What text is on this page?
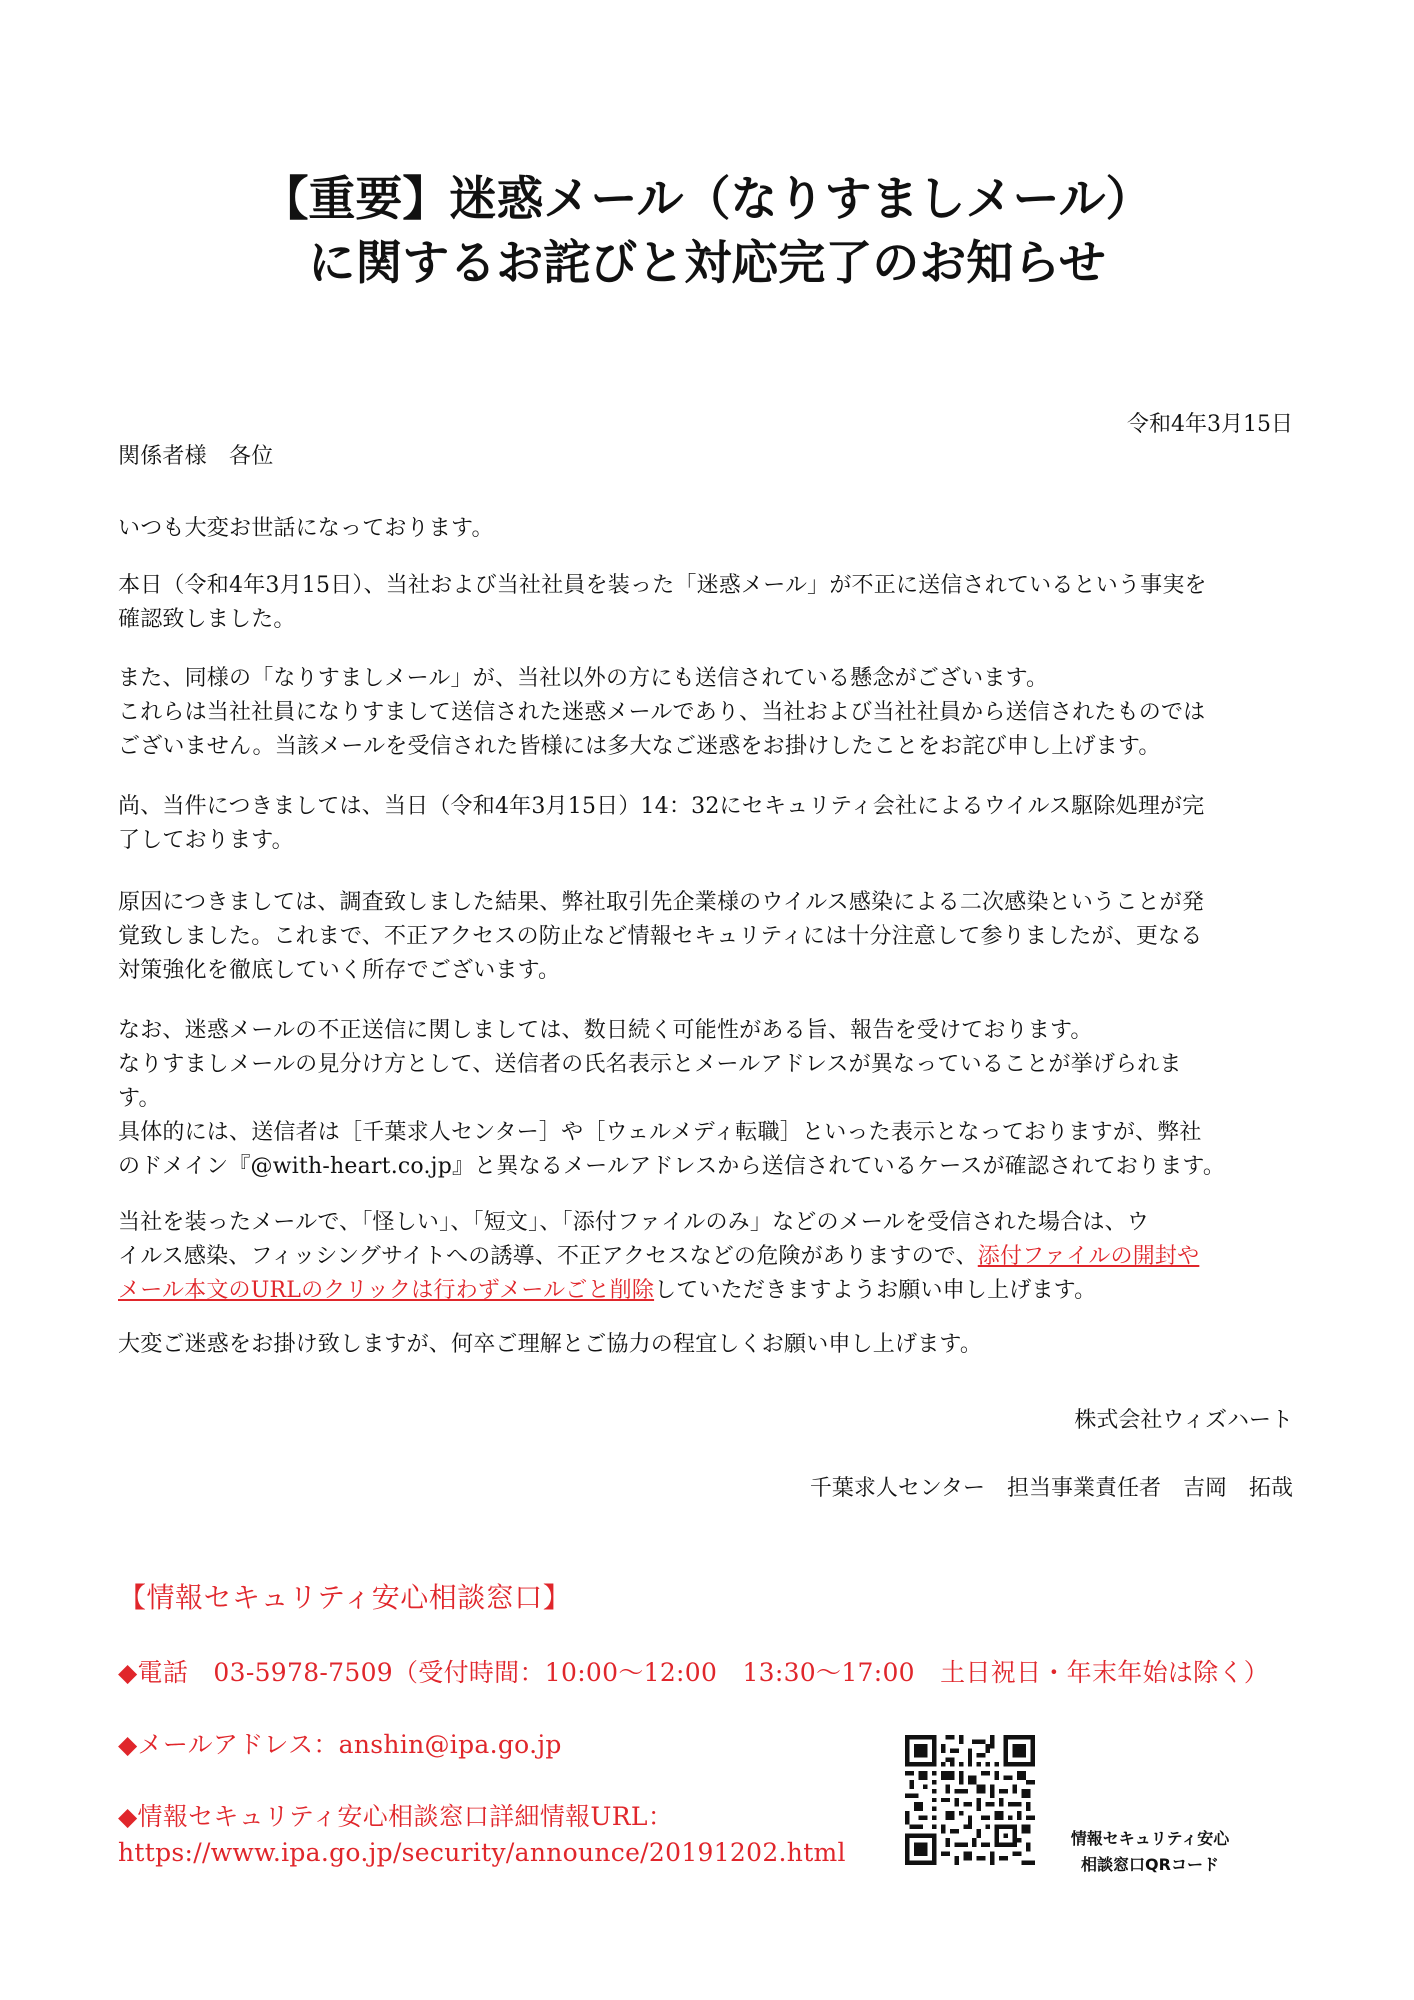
【重要】迷惑メール（なりすましメール）
に関するお詫びと対応完了のお知らせ
令和4年3月15日
関係者様　各位
いつも大変お世話になっております。
本日（令和4年3月15日）、当社および当社社員を装った「迷惑メール」が不正に送信されているという事実を
確認致しました。
また、同様の「なりすましメール」が、当社以外の方にも送信されている懸念がございます。
これらは当社社員になりすまして送信された迷惑メールであり、当社および当社社員から送信されたものでは
ございません。当該メールを受信された皆様には多大なご迷惑をお掛けしたことをお詫び申し上げます。
尚、当件につきましては、当日（令和4年3月15日）14：32にセキュリティ会社によるウイルス駆除処理が完
了しております。
原因につきましては、調査致しました結果、弊社取引先企業様のウイルス感染による二次感染ということが発
覚致しました。これまで、不正アクセスの防止など情報セキュリティには十分注意して参りましたが、更なる
対策強化を徹底していく所存でございます。
なお、迷惑メールの不正送信に関しましては、数日続く可能性がある旨、報告を受けております。
なりすましメールの見分け方として、送信者の氏名表示とメールアドレスが異なっていることが挙げられま
す。
具体的には、送信者は［千葉求人センター］や［ウェルメディ転職］といった表示となっておりますが、弊社
のドメイン『@with-heart.co.jp』と異なるメールアドレスから送信されているケースが確認されております。
当社を装ったメールで、「怪しい」、「短文」、「添付ファイルのみ」などのメールを受信された場合は、ウ
イルス感染、フィッシングサイトへの誘導、不正アクセスなどの危険がありますので、添付ファイルの開封や
メール本文のURLのクリックは行わずメールごと削除していただきますようお願い申し上げます。
大変ご迷惑をお掛け致しますが、何卒ご理解とご協力の程宜しくお願い申し上げます。
株式会社ウィズハート
千葉求人センター　担当事業責任者　吉岡　拓哉
【情報セキュリティ安心相談窓口】
◆電話　03-5978-7509（受付時間：10:00～12:00　13:30～17:00　土日祝日・年末年始は除く）
◆メールアドレス：anshin@ipa.go.jp
◆情報セキュリティ安心相談窓口詳細情報URL：
https://www.ipa.go.jp/security/announce/20191202.html	情報セキュリティ安心
相談窓口QRコード
